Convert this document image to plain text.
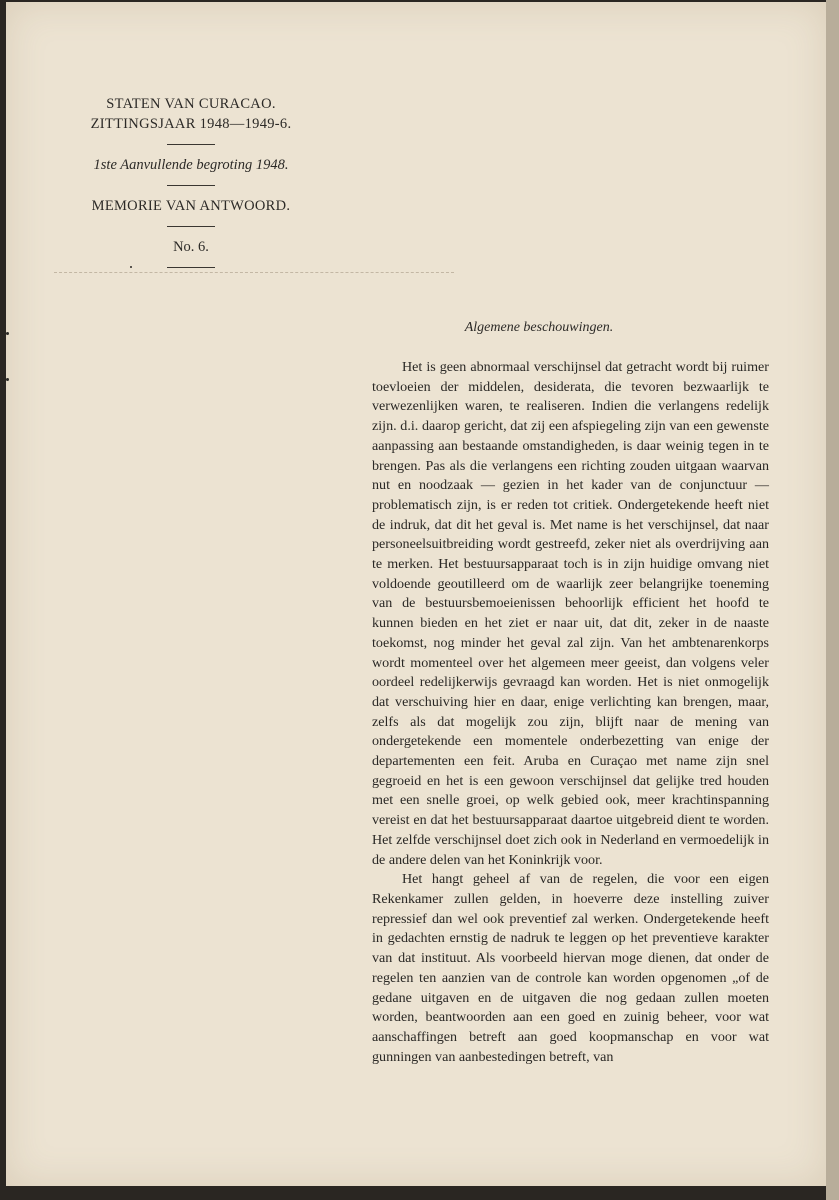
STATEN VAN CURACAO.
ZITTINGSJAAR 1948—1949-6.
1ste Aanvullende begroting 1948.
MEMORIE VAN ANTWOORD.
No. 6.
Algemene beschouwingen.

Het is geen abnormaal verschijnsel dat getracht wordt bij ruimer toevloeien der middelen, desiderata, die tevoren bezwaarlijk te verwezenlijken waren, te realiseren. Indien die verlangens redelijk zijn. d.i. daarop gericht, dat zij een afspiegeling zijn van een gewenste aanpassing aan bestaande omstandigheden, is daar weinig tegen in te brengen. Pas als die verlangens een richting zouden uitgaan waarvan nut en noodzaak — gezien in het kader van de conjunctuur — problematisch zijn, is er reden tot critiek. Ondergetekende heeft niet de indruk, dat dit het geval is. Met name is het verschijnsel, dat naar personeelsuitbreiding wordt gestreefd, zeker niet als overdrijving aan te merken. Het bestuursapparaat toch is in zijn huidige omvang niet voldoende geoutilleerd om de waarlijk zeer belangrijke toeneming van de bestuursbemoeienissen behoorlijk efficient het hoofd te kunnen bieden en het ziet er naar uit, dat dit, zeker in de naaste toekomst, nog minder het geval zal zijn. Van het ambtenarenkorps wordt momenteel over het algemeen meer geeist, dan volgens veler oordeel redelijkerwijs gevraagd kan worden. Het is niet onmogelijk dat verschuiving hier en daar, enige verlichting kan brengen, maar, zelfs als dat mogelijk zou zijn, blijft naar de mening van ondergetekende een momentele onderbezetting van enige der departementen een feit. Aruba en Curaçao met name zijn snel gegroeid en het is een gewoon verschijnsel dat gelijke tred houden met een snelle groei, op welk gebied ook, meer krachtinspanning vereist en dat het bestuursapparaat daartoe uitgebreid dient te worden. Het zelfde verschijnsel doet zich ook in Nederland en vermoedelijk in de andere delen van het Koninkrijk voor.

Het hangt geheel af van de regelen, die voor een eigen Rekenkamer zullen gelden, in hoeverre deze instelling zuiver repressief dan wel ook preventief zal werken. Ondergetekende heeft in gedachten ernstig de nadruk te leggen op het preventieve karakter van dat instituut. Als voorbeeld hiervan moge dienen, dat onder de regelen ten aanzien van de controle kan worden opgenomen „of de gedane uitgaven en de uitgaven die nog gedaan zullen moeten worden, beantwoorden aan een goed en zuinig beheer, voor wat aanschaffingen betreft aan goed koopmanschap en voor wat gunningen van aanbestedingen betreft, van
